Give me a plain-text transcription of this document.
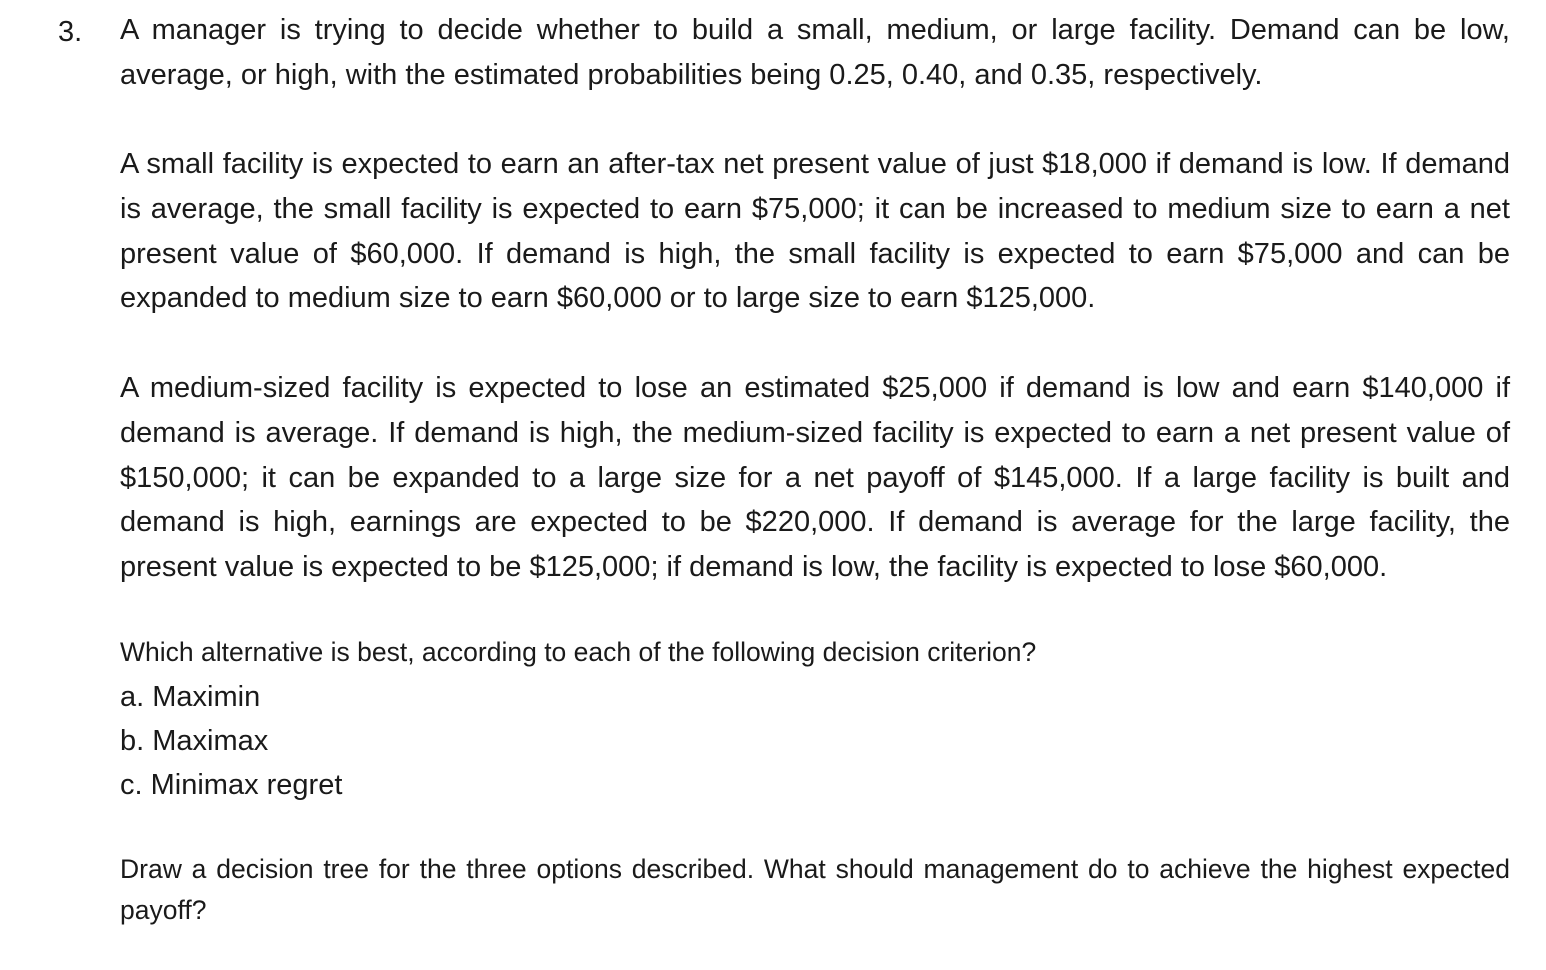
3. A manager is trying to decide whether to build a small, medium, or large facility. Demand can be low, average, or high, with the estimated probabilities being 0.25, 0.40, and 0.35, respectively.

A small facility is expected to earn an after-tax net present value of just $18,000 if demand is low. If demand is average, the small facility is expected to earn $75,000; it can be increased to medium size to earn a net present value of $60,000. If demand is high, the small facility is expected to earn $75,000 and can be expanded to medium size to earn $60,000 or to large size to earn $125,000.

A medium-sized facility is expected to lose an estimated $25,000 if demand is low and earn $140,000 if demand is average. If demand is high, the medium-sized facility is expected to earn a net present value of $150,000; it can be expanded to a large size for a net payoff of $145,000. If a large facility is built and demand is high, earnings are expected to be $220,000. If demand is average for the large facility, the present value is expected to be $125,000; if demand is low, the facility is expected to lose $60,000.

Which alternative is best, according to each of the following decision criterion?

a. Maximin

b. Maximax

c. Minimax regret

Draw a decision tree for the three options described. What should management do to achieve the highest expected payoff?
